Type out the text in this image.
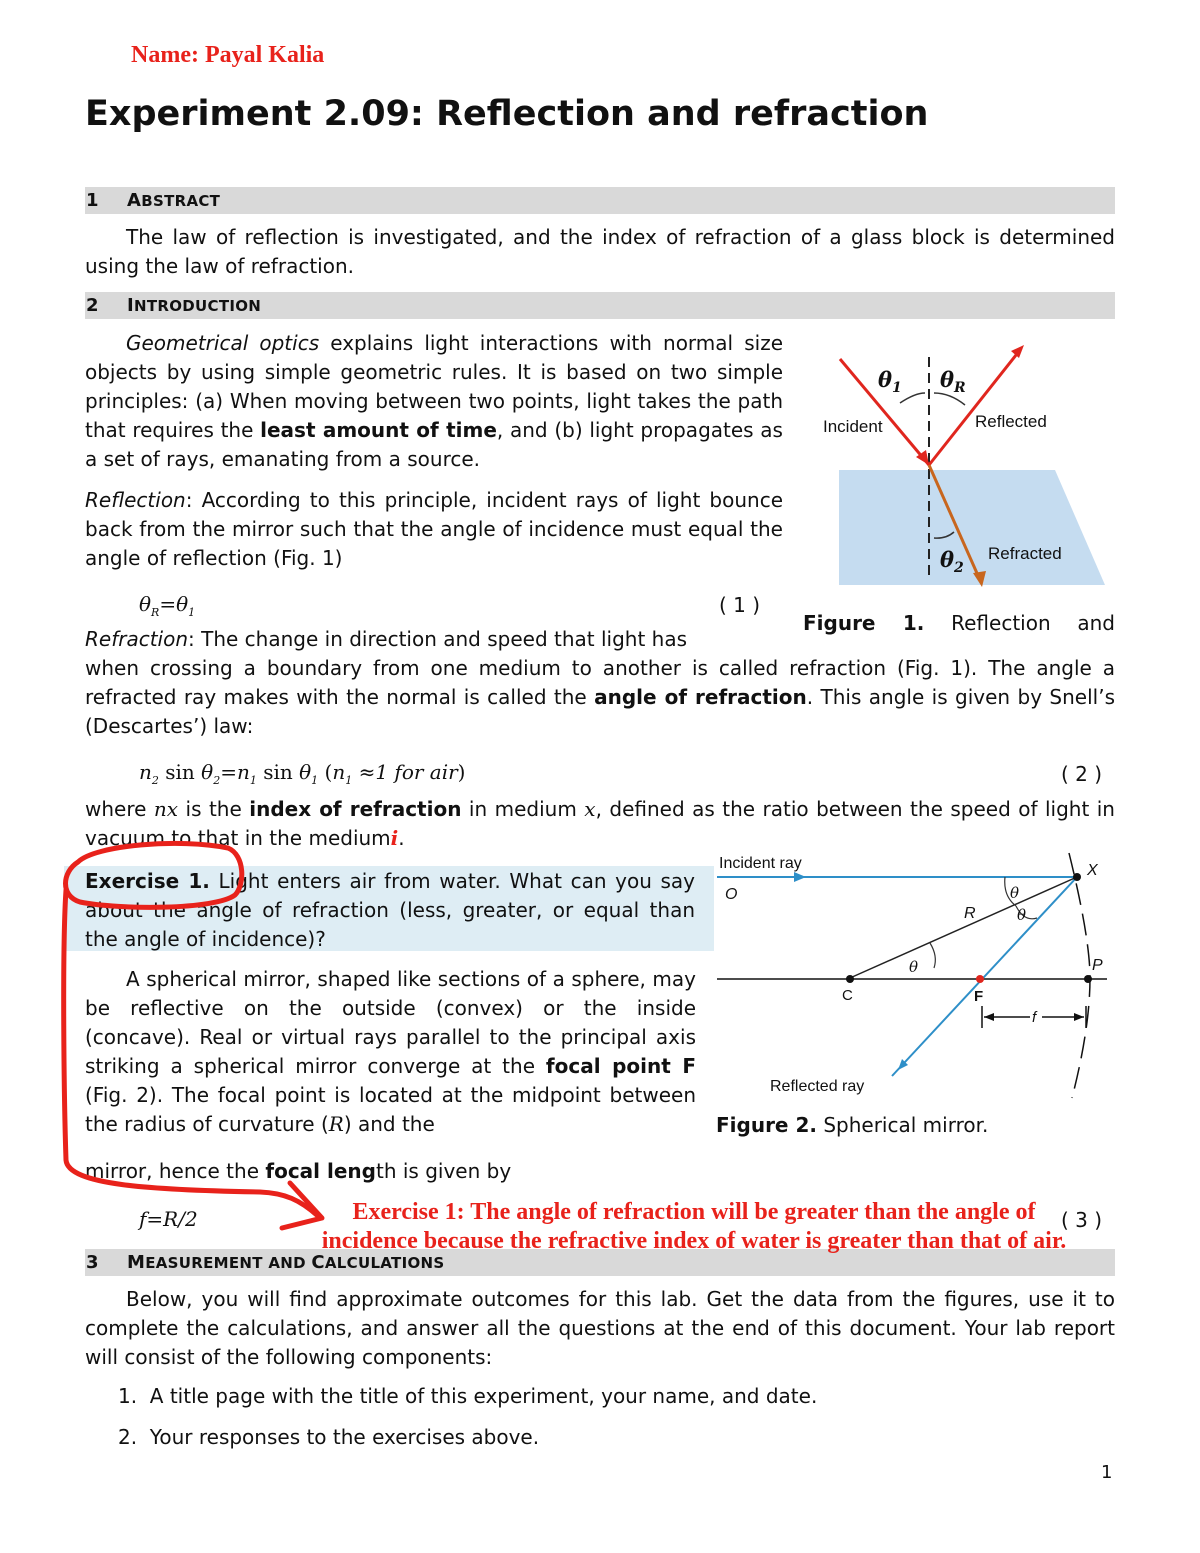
Name: Payal Kalia
Experiment 2.09: Reflection and refraction
1 ABSTRACT
The law of reflection is investigated, and the index of refraction of a glass block is determined using the law of refraction.
2 INTRODUCTION
Geometrical optics explains light interactions with normal size objects by using simple geometric rules. It is based on two simple principles: (a) When moving between two points, light takes the path that requires the least amount of time, and (b) light propagates as a set of rays, emanating from a source.
Reflection: According to this principle, incident rays of light bounce back from the mirror such that the angle of incidence must equal the angle of reflection (Fig. 1)
$\theta_R=\theta_1$	( 1 )
Refraction: The change in direction and speed that light has
when crossing a boundary from one medium to another is called refraction (Fig. 1). The angle a refracted ray makes with the normal is called the angle of refraction. This angle is given by Snell’s (Descartes’) law:
$n_2$ $\sin \theta_2=n_1$ $\sin \theta_1$ ($n_1 \approx 1$ for air)	( 2 )
where nx is the index of refraction in medium x, defined as the ratio between the speed of light in vacuum to that in the mediumi.
$\theta_1$ $\theta_R$
$\theta_2$
Incident	Reflected
Refracted
Figure 1. Reflection and
Exercise 1. Light enters air from water. What can you say about the angle of refraction (less, greater, or equal than the angle of incidence)?
A spherical mirror, shaped like sections of a sphere, may be reflective on the outside (convex) or the inside (concave). Real or virtual rays parallel to the principal axis striking a spherical mirror converge at the focal point F (Fig. 2). The focal point is located at the midpoint between the radius of curvature (R) and the
mirror, hence the focal length is given by
f=R/2	( 3 )
Incident ray
O
X
θ
θ
θ
R
C	F
P
f
Reflected ray
Figure 2. Spherical mirror.
3 MEASUREMENT AND CALCULATIONS
Exercise 1: The angle of refraction will be greater than the angle of incidence because the refractive index of water is greater than that of air.
Below, you will find approximate outcomes for this lab. Get the data from the figures, use it to complete the calculations, and answer all the questions at the end of this document. Your lab report will consist of the following components:
1.  A title page with the title of this experiment, your name, and date.
2.  Your responses to the exercises above.
1
